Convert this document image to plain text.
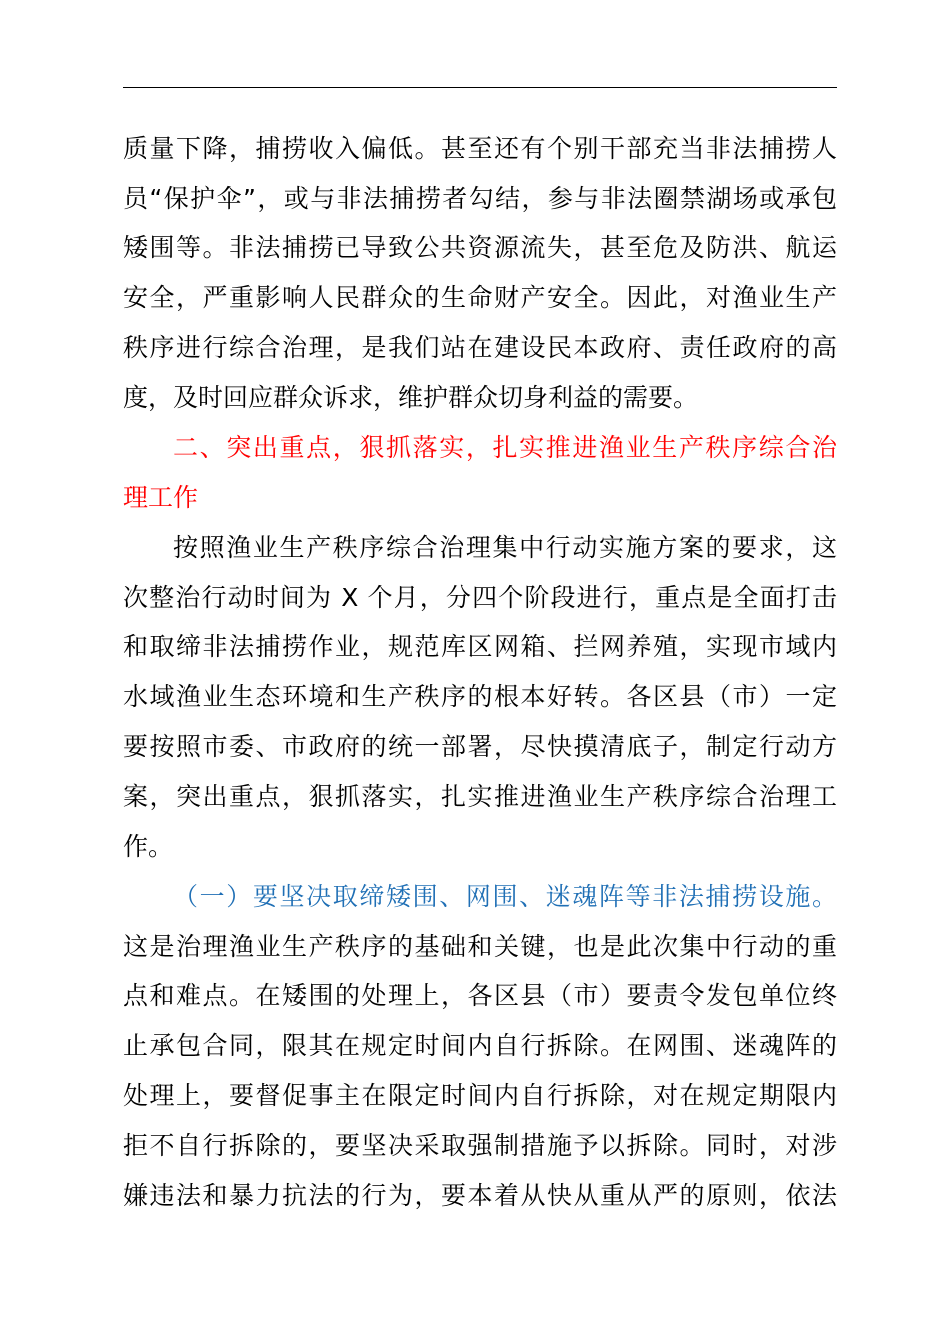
质量下降，捕捞收入偏低。甚至还有个别干部充当非法捕捞人
员“保护伞”，或与非法捕捞者勾结，参与非法圈禁湖场或承包
矮围等。非法捕捞已导致公共资源流失，甚至危及防洪、航运
安全，严重影响人民群众的生命财产安全。因此，对渔业生产
秩序进行综合治理，是我们站在建设民本政府、责任政府的高
度，及时回应群众诉求，维护群众切身利益的需要。
二、突出重点，狠抓落实，扎实推进渔业生产秩序综合治
理工作
按照渔业生产秩序综合治理集中行动实施方案的要求，这
次整治行动时间为 X 个月，分四个阶段进行，重点是全面打击
和取缔非法捕捞作业，规范库区网箱、拦网养殖，实现市域内
水域渔业生态环境和生产秩序的根本好转。各区县（市）一定
要按照市委、市政府的统一部署，尽快摸清底子，制定行动方
案，突出重点，狠抓落实，扎实推进渔业生产秩序综合治理工
作。
（一）要坚决取缔矮围、网围、迷魂阵等非法捕捞设施。
这是治理渔业生产秩序的基础和关键，也是此次集中行动的重
点和难点。在矮围的处理上，各区县（市）要责令发包单位终
止承包合同，限其在规定时间内自行拆除。在网围、迷魂阵的
处理上，要督促事主在限定时间内自行拆除，对在规定期限内
拒不自行拆除的，要坚决采取强制措施予以拆除。同时，对涉
嫌违法和暴力抗法的行为，要本着从快从重从严的原则，依法
